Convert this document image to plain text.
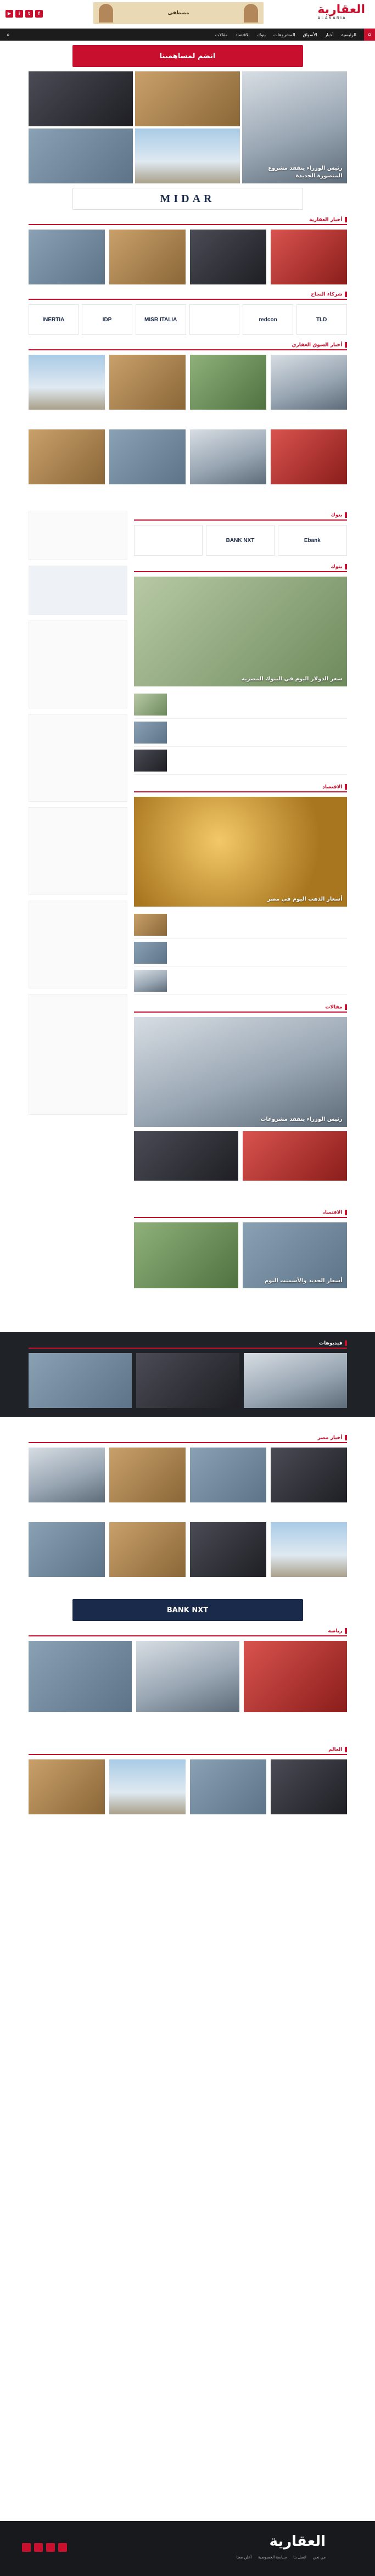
العقارية
ALAKARIA
مصطفى
f
t
i
▶
⌂
الرئيسية
أخبار
الأسواق
المشروعات
بنوك
الاقتصاد
مقالات
⌕
انضم لمساهمينا
رئيس الوزراء يتفقد مشروع المنصورة الجديدة
MIDAR
أخبار العقارية
شركاء النجاح
TLD
redcon
MISR ITALIA
IDP
INERTIA
أخبار السوق العقاري
بنوك
Ebank
BANK NXT
بنوك
سعر الدولار اليوم في البنوك المصرية
الاقتصاد
أسعار الذهب اليوم في مصر
مقالات
رئيس الوزراء يتفقد مشروعات
الاقتصاد
أسعار الحديد والأسمنت اليوم
فيديوهات
أخبار مصر
BANK NXT
رياضة
العالم
العقارية
من نحن
اتصل بنا
سياسة الخصوصية
أعلن معنا
